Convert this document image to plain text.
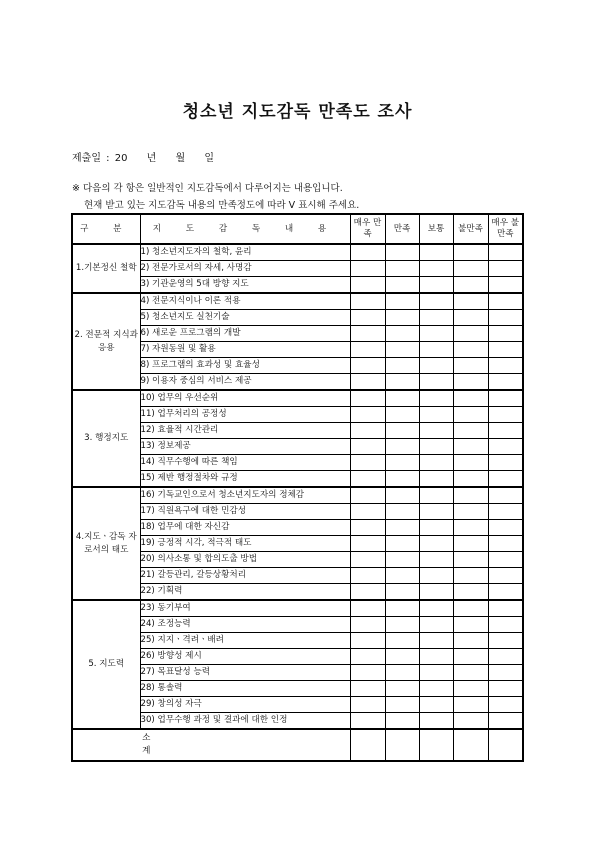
청소년 지도감독 만족도 조사
제출일 : 20 년 월 일
※ 다음의 각 항은 일반적인 지도감독에서 다루어지는 내용입니다.
현재 받고 있는 지도감독 내용의 만족정도에 따라 V 표시해 주세요.
구 분	지 도 감 독 내 용	매우 만족	만족	보통	불만족	매우 불만족
1.기본정신 철학	1) 청소년지도자의 철학, 윤리					
	2) 전문가로서의 자세, 사명감					
	3) 기관운영의 5대 방향 지도					
2. 전문적 지식과 응용	4) 전문지식이나 이론 적용					
	5) 청소년지도 실천기술					
	6) 새로운 프로그램의 개발					
	7) 자원동원 및 활용					
	8) 프로그램의 효과성 및 효율성					
	9) 이용자 중심의 서비스 제공					
3. 행정지도	10) 업무의 우선순위					
	11) 업무처리의 공정성					
	12) 효율적 시간관리					
	13) 정보제공					
	14) 직무수행에 따른 책임					
	15) 제반 행정절차와 규정					
4.지도ㆍ감독 자로서의 태도	16) 기독교인으로서 청소년지도자의 정체감					
	17) 직원욕구에 대한 민감성					
	18) 업무에 대한 자신감					
	19) 긍정적 시각, 적극적 태도					
	20) 의사소통 및 합의도출 방법					
	21) 갈등관리, 갈등상황처리					
	22) 기획력					
5. 지도력	23) 동기부여					
	24) 조정능력					
	25) 지지ㆍ격려ㆍ배려					
	26) 방향성 제시					
	27) 목표달성 능력					
	28) 통솔력					
	29) 창의성 자극					
	30) 업무수행 과정 및 결과에 대한 인정					
소 계						
